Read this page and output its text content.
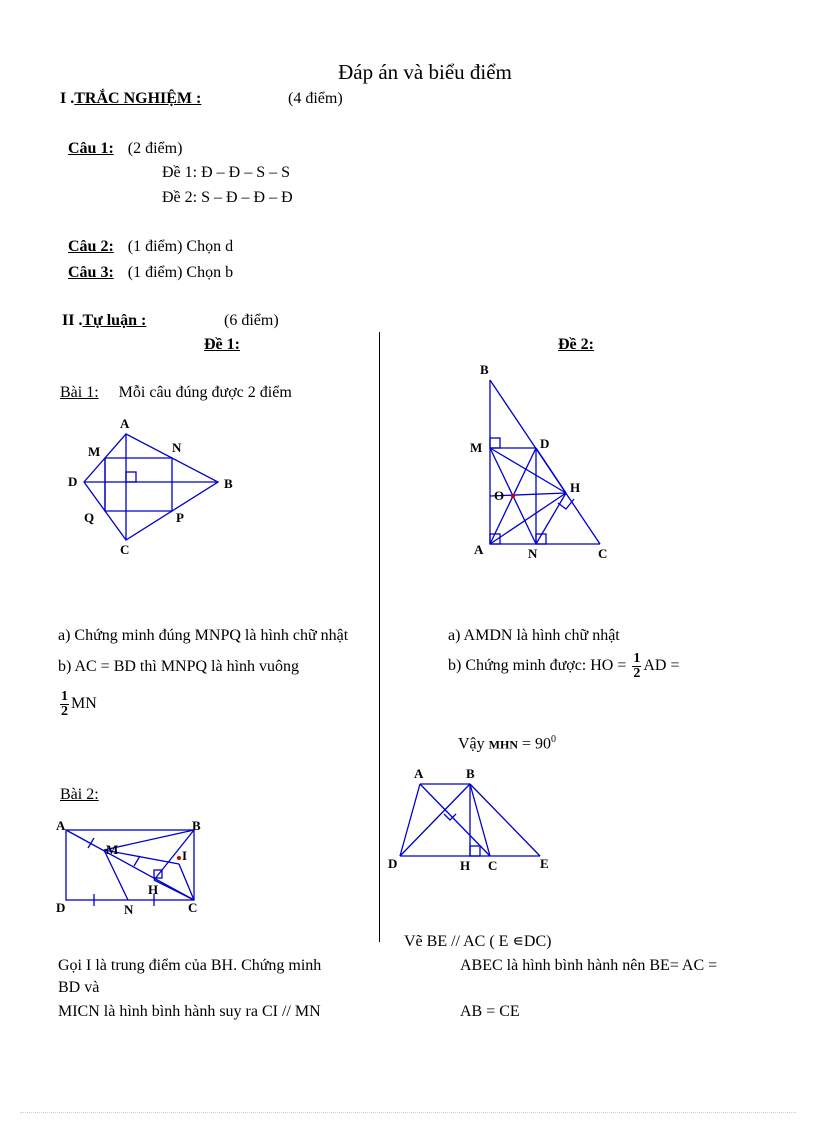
Đáp án và biểu điểm
I .TRẮC NGHIỆM :	(4 điểm)
Câu 1: (2 điểm)
Đề 1: Đ – Đ – S – S
Đề 2: S – Đ – Đ – Đ
Câu 2: (1 điểm) Chọn d
Câu 3: (1 điểm) Chọn b
II .Tự luận :	(6 điểm)
Đề 1:	Đề 2:
Bài 1: Mỗi câu đúng được 2 điểm
A
N
M
D	B
Q	P
C
B
M	D
O
H
A	N	C
a) Chứng minh đúng MNPQ là hình chữ nhật
b) AC = BD thì MNPQ là hình vuông
$\frac{1}{2}$ MN
a) AMDN là hình chữ nhật
b) Chứng minh được: HO = $\frac{1}{2}$ AD =
Vậy MHN = $90^0$
Bài 2:
A	B
M	I
H
D	N	C
A	B
D	H C	E
Vẽ BE // AC ( E ∊DC)
Gọi I là trung điểm của BH. Chứng minh
BD và
MICN là hình bình hành suy ra CI // MN
ABEC là hình bình hành nên BE= AC =
AB = CE
